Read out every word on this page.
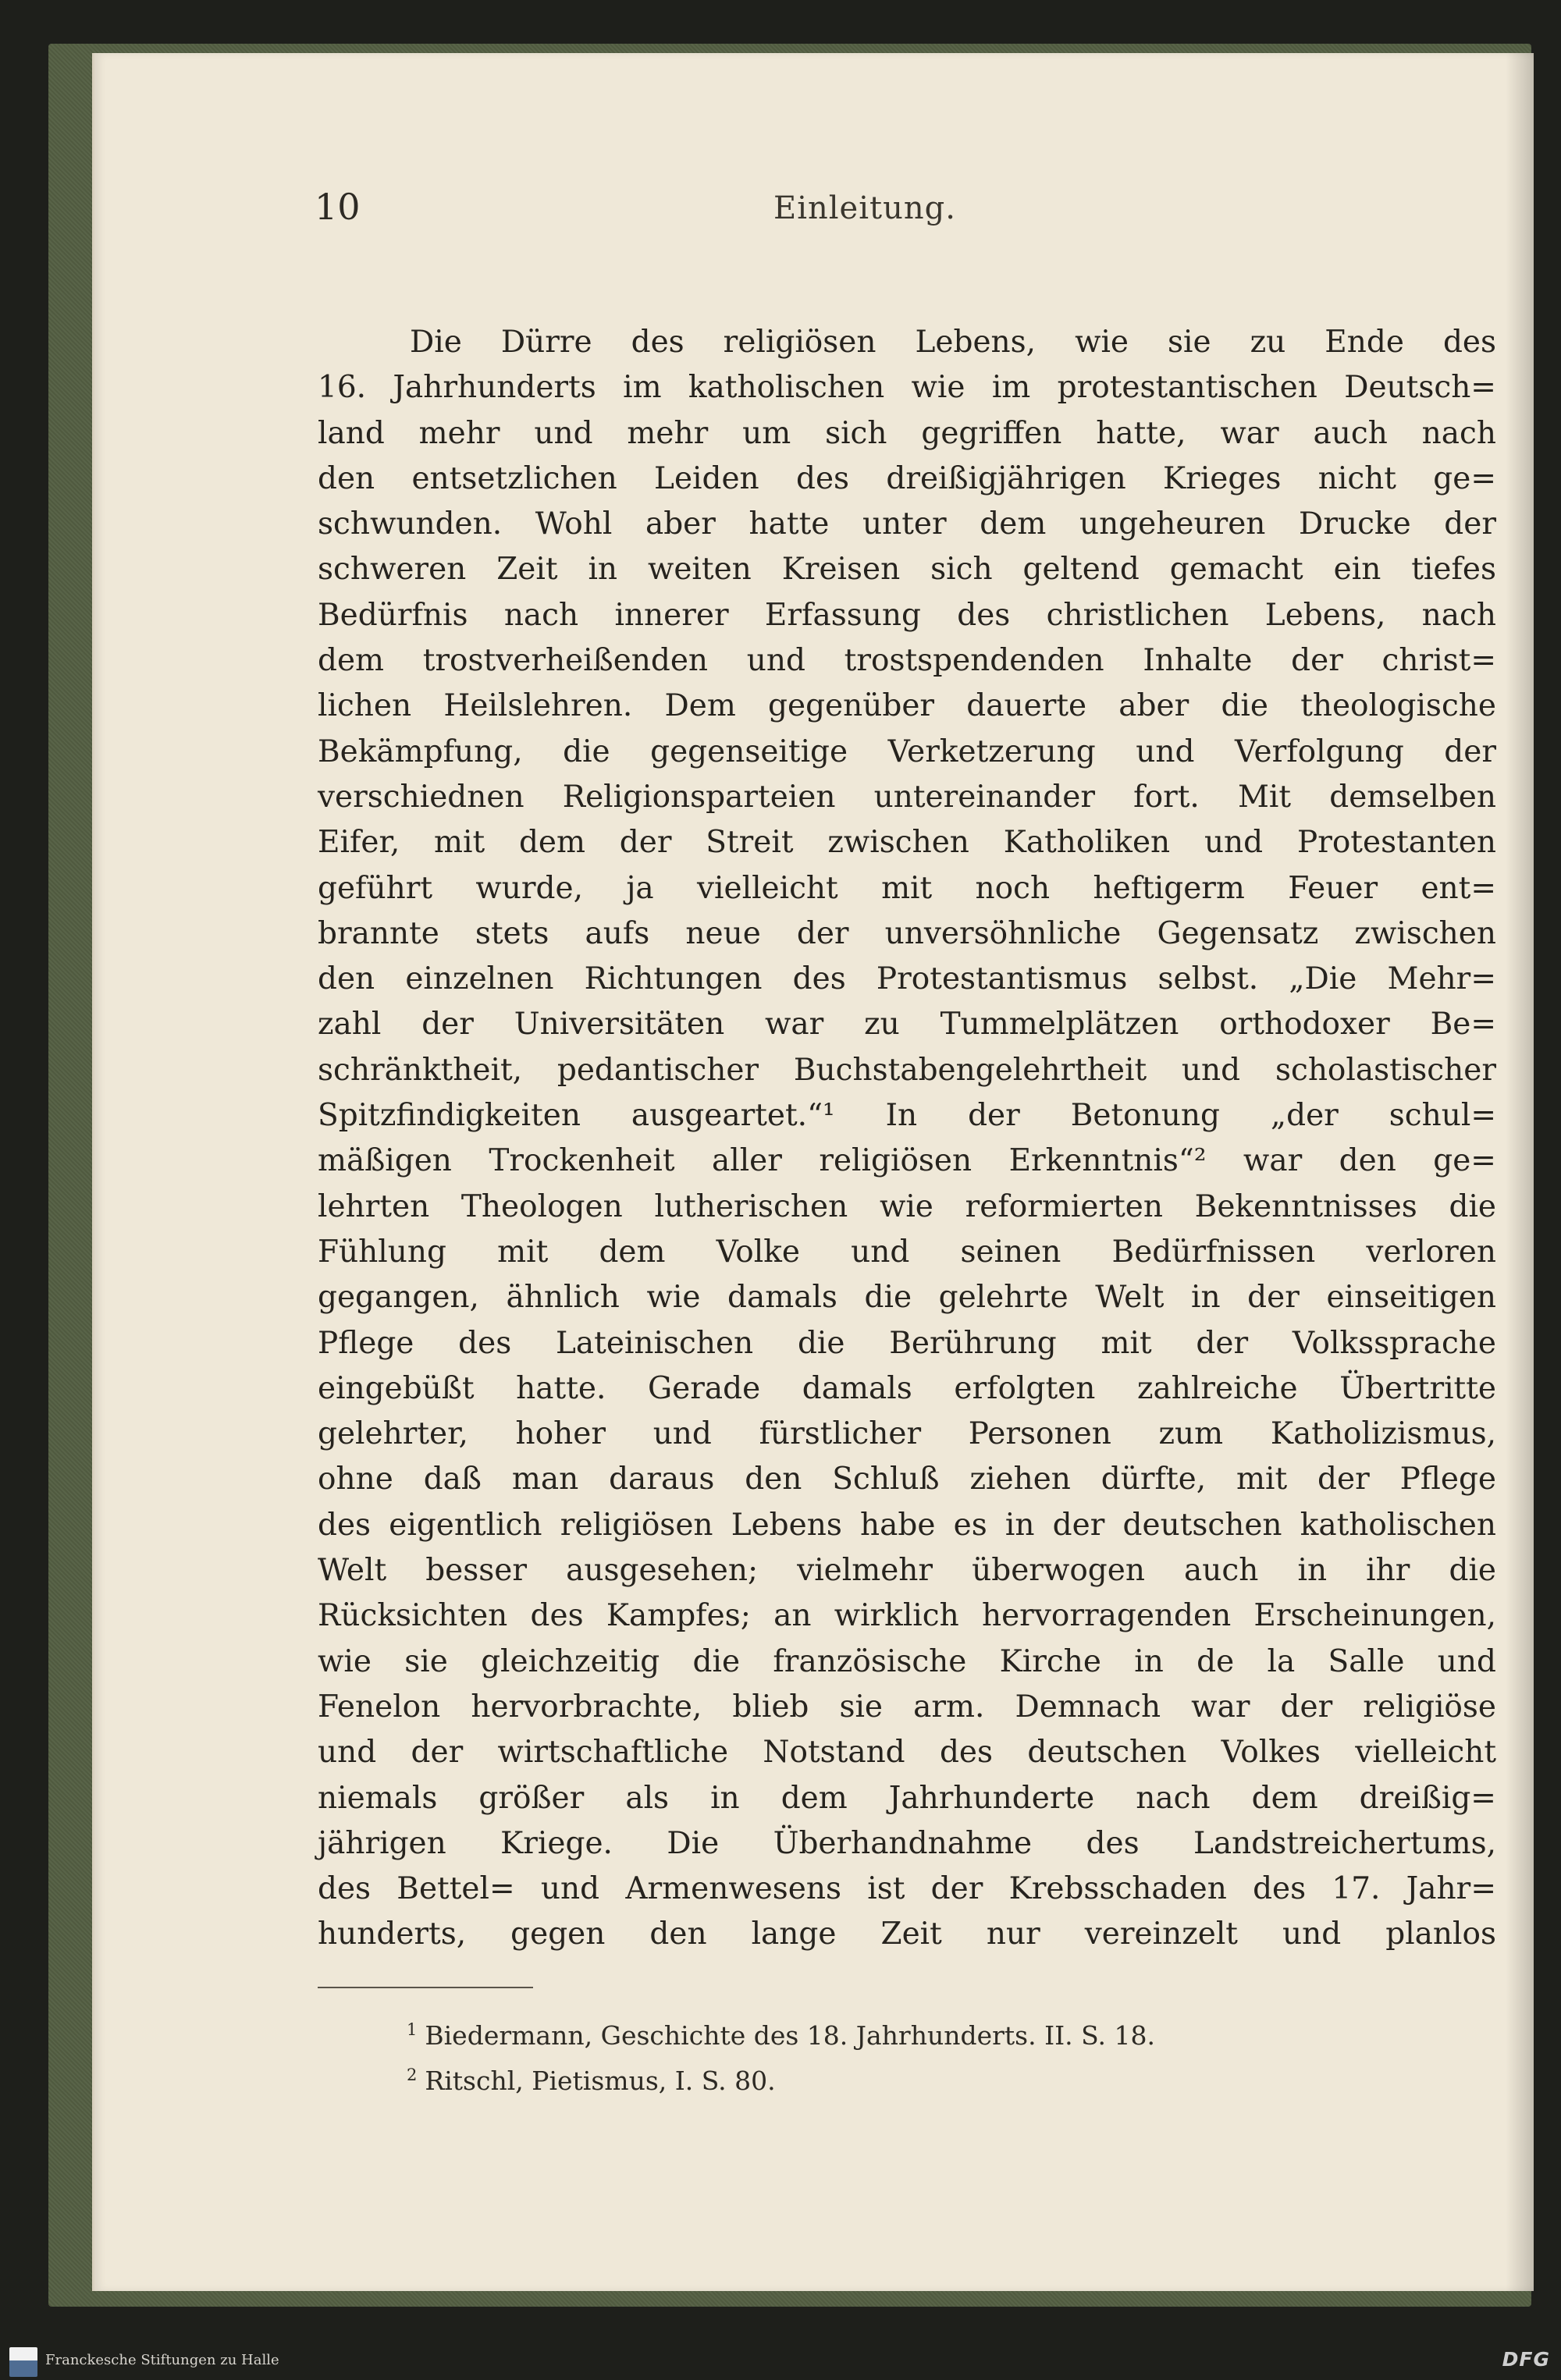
10	Einleitung.
Die Dürre des religiösen Lebens, wie sie zu Ende des
16. Jahrhunderts im katholischen wie im protestantischen Deutsch=
land mehr und mehr um sich gegriffen hatte, war auch nach
den entsetzlichen Leiden des dreißigjährigen Krieges nicht ge=
schwunden. Wohl aber hatte unter dem ungeheuren Drucke der
schweren Zeit in weiten Kreisen sich geltend gemacht ein tiefes
Bedürfnis nach innerer Erfassung des christlichen Lebens, nach
dem trostverheißenden und trostspendenden Inhalte der christ=
lichen Heilslehren. Dem gegenüber dauerte aber die theologische
Bekämpfung, die gegenseitige Verketzerung und Verfolgung der
verschiednen Religionsparteien untereinander fort. Mit demselben
Eifer, mit dem der Streit zwischen Katholiken und Protestanten
geführt wurde, ja vielleicht mit noch heftigerm Feuer ent=
brannte stets aufs neue der unversöhnliche Gegensatz zwischen
den einzelnen Richtungen des Protestantismus selbst. „Die Mehr=
zahl der Universitäten war zu Tummelplätzen orthodoxer Be=
schränktheit, pedantischer Buchstabengelehrtheit und scholastischer
Spitzfindigkeiten ausgeartet.“¹ In der Betonung „der schul=
mäßigen Trockenheit aller religiösen Erkenntnis“² war den ge=
lehrten Theologen lutherischen wie reformierten Bekenntnisses die
Fühlung mit dem Volke und seinen Bedürfnissen verloren
gegangen, ähnlich wie damals die gelehrte Welt in der einseitigen
Pflege des Lateinischen die Berührung mit der Volkssprache
eingebüßt hatte. Gerade damals erfolgten zahlreiche Übertritte
gelehrter, hoher und fürstlicher Personen zum Katholizismus,
ohne daß man daraus den Schluß ziehen dürfte, mit der Pflege
des eigentlich religiösen Lebens habe es in der deutschen katholischen
Welt besser ausgesehen; vielmehr überwogen auch in ihr die
Rücksichten des Kampfes; an wirklich hervorragenden Erscheinungen,
wie sie gleichzeitig die französische Kirche in de la Salle und
Fenelon hervorbrachte, blieb sie arm. Demnach war der religiöse
und der wirtschaftliche Notstand des deutschen Volkes vielleicht
niemals größer als in dem Jahrhunderte nach dem dreißig=
jährigen Kriege. Die Überhandnahme des Landstreichertums,
des Bettel= und Armenwesens ist der Krebsschaden des 17. Jahr=
hunderts, gegen den lange Zeit nur vereinzelt und planlos
$^1$ Biedermann, Geschichte des 18. Jahrhunderts. II. S. 18.
$^2$ Ritschl, Pietismus, I. S. 80.
Franckesche Stiftungen zu Halle	DFG
